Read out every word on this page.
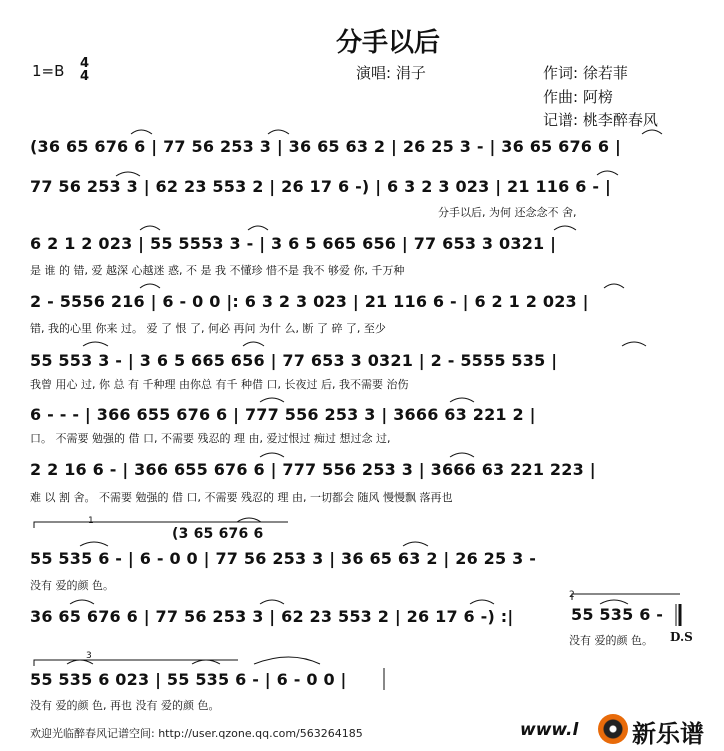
分手以后
1=B 4
4	演唱: 涓子	作词: 徐若菲
作曲: 阿榜
记谱: 桃李醉春风
(36 65 676 6 | 77 56 253 3 | 36 65 63 2 | 26 25 3 - | 36 65 676 6 |
77 56 253 3 | 62 23 553 2 | 26 17 6 -) | 6 3 2 3 023 | 21 116 6 - |
分手以后, 为何 还念念不 舍,
6 2 1 2 023 | 55 5553 3 - | 3 6 5 665 656 | 77 653 3 0321 |
是 谁 的 错, 爱 越深 心越迷 惑, 不 是 我 不懂珍 惜不是 我不 够爱 你, 千万种
2 - 5556 216 | 6 - 0 0 |: 6 3 2 3 023 | 21 116 6 - | 6 2 1 2 023 |
错, 我的心里 你来 过。 爱 了 恨 了, 何必 再问 为什 么, 断 了 碎 了, 至少
55 553 3 - | 3 6 5 665 656 | 77 653 3 0321 | 2 - 5555 535 |
我曾 用心 过, 你 总 有 千种理 由你总 有千 种借 口, 长夜过 后, 我不需要 治伤
6 - - - | 366 655 676 6 | 777 556 253 3 | 3666 63 221 2 |
口。 不需要 勉强的 借 口, 不需要 残忍的 理 由, 爱过恨过 痴过 想过念 过,
2 2 16 6 - | 366 655 676 6 | 777 556 253 3 | 3666 63 221 223 |
难 以 割 舍。 不需要 勉强的 借 口, 不需要 残忍的 理 由, 一切都会 随风 慢慢飘 落再也
1
(3 65 676 6
55 535 6 - | 6 - 0 0 | 77 56 253 3 | 36 65 63 2 | 26 25 3 -
没有 爱的颜 色。
36 65 676 6 | 77 56 253 3 | 62 23 553 2 | 26 17 6 -) :|
2
55 535 6 -
没有 爱的颜 色。 D.S
3
55 535 6 023 | 55 535 6 - | 6 - 0 0 |
没有 爱的颜 色, 再也 没有 爱的颜 色。
欢迎光临醉春风记谱空间: http://user.qzone.qq.com/563264185	www.l 新乐谱
